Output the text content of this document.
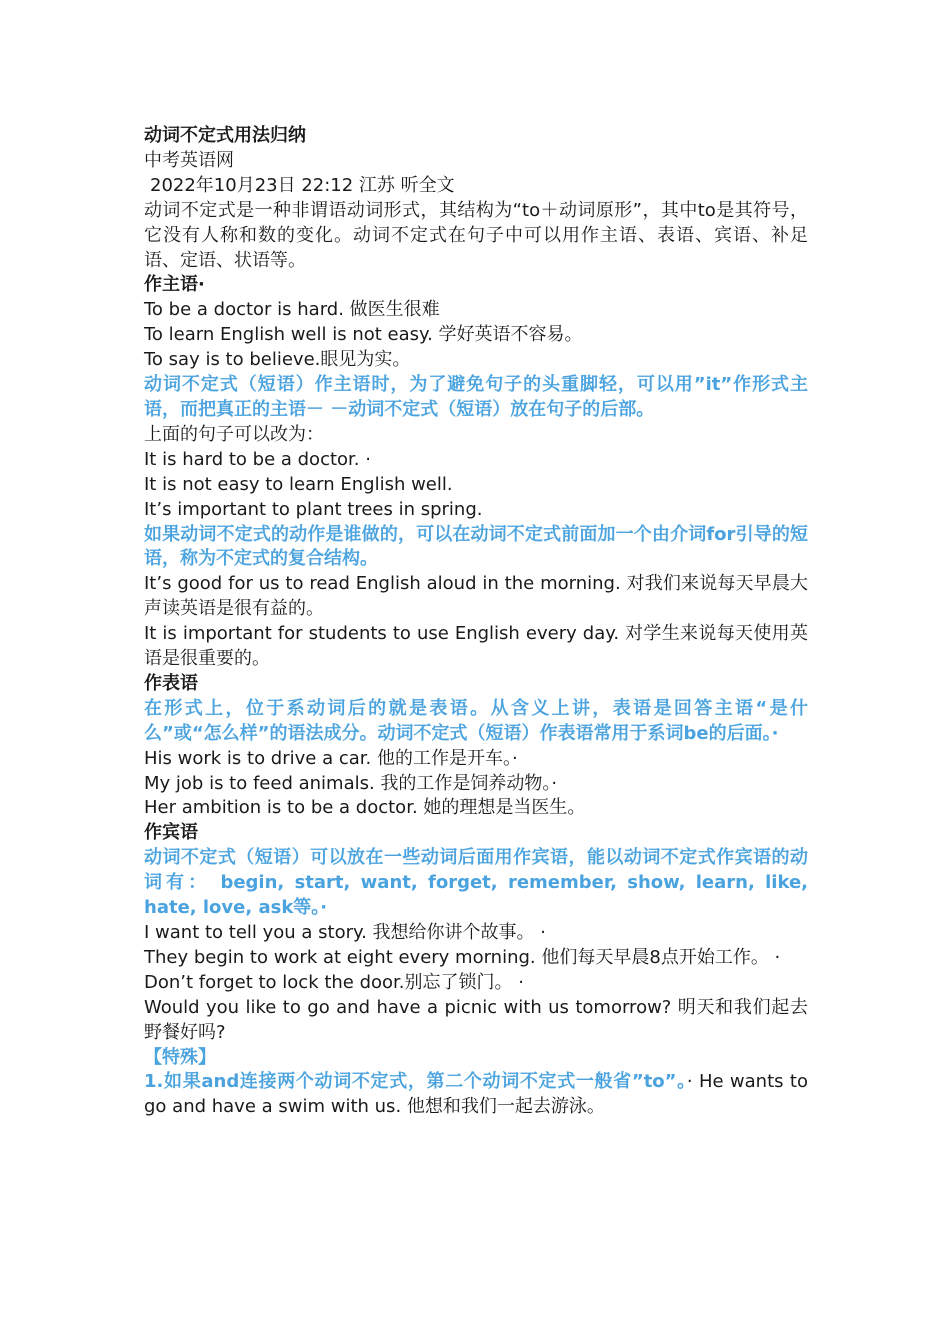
动词不定式用法归纳
中考英语网
2022年10月23日 22:12 江苏 听全文
动词不定式是一种非谓语动词形式，其结构为“to＋动词原形”，其中to是其符号，它没有人称和数的变化。动词不定式在句子中可以用作主语、表语、宾语、补足语、定语、状语等。
作主语·
To be a doctor is hard. 做医生很难
To learn English well is not easy. 学好英语不容易。
To say is to believe.眼见为实。
动词不定式（短语）作主语时，为了避免句子的头重脚轻，可以用”it”作形式主语，而把真正的主语－ －动词不定式（短语）放在句子的后部。
上面的句子可以改为：
It is hard to be a doctor. ·
It is not easy to learn English well.
It’s important to plant trees in spring.
如果动词不定式的动作是谁做的，可以在动词不定式前面加一个由介词for引导的短语，称为不定式的复合结构。
It’s good for us to read English aloud in the morning. 对我们来说每天早晨大声读英语是很有益的。
It is important for students to use English every day. 对学生来说每天使用英语是很重要的。
作表语
在形式上，位于系动词后的就是表语。从含义上讲，表语是回答主语“是什么”或“怎么样”的语法成分。动词不定式（短语）作表语常用于系词be的后面。·
His work is to drive a car. 他的工作是开车。·
My job is to feed animals. 我的工作是饲养动物。·
Her ambition is to be a doctor. 她的理想是当医生。
作宾语
动词不定式（短语）可以放在一些动词后面用作宾语，能以动词不定式作宾语的动词有： begin, start, want, forget, remember, show, learn, like, hate, love, ask等。·
I want to tell you a story. 我想给你讲个故事。 ·
They begin to work at eight every morning. 他们每天早晨8点开始工作。 ·
Don’t forget to lock the door.别忘了锁门。 ·
Would you like to go and have a picnic with us tomorrow? 明天和我们起去野餐好吗?
【特殊】
1.如果and连接两个动词不定式，第二个动词不定式一般省”to”。· He wants to go and have a swim with us. 他想和我们一起去游泳。
